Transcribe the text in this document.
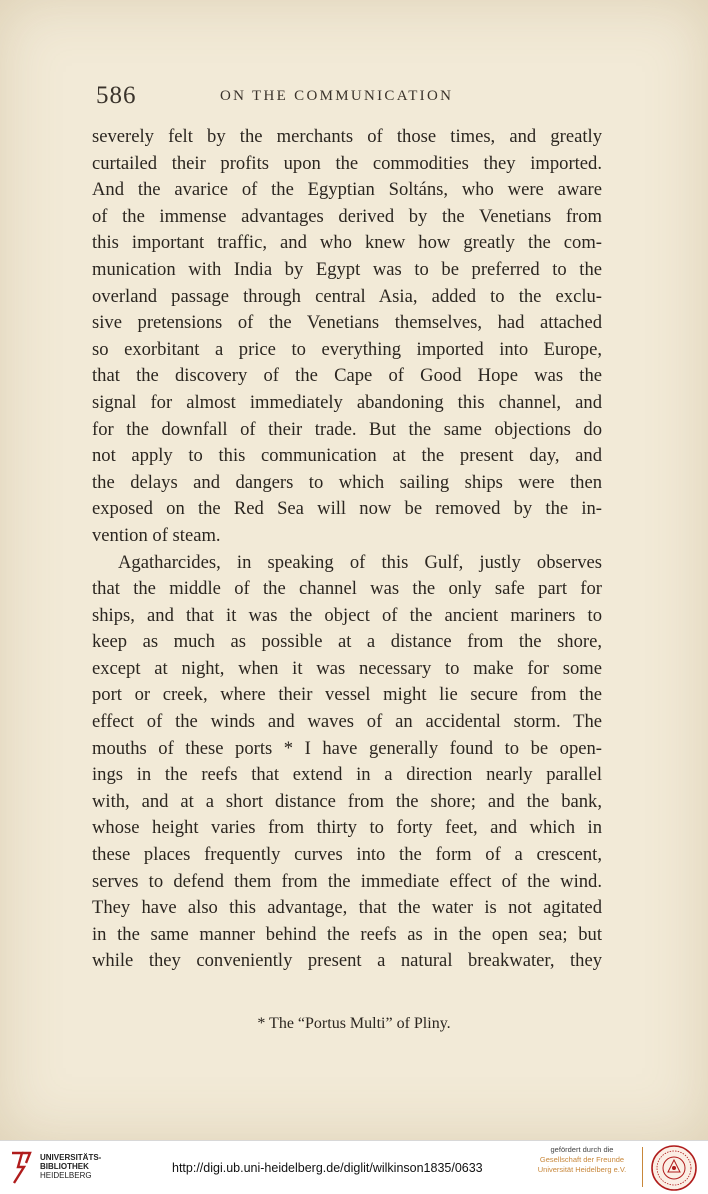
586	ON THE COMMUNICATION
severely felt by the merchants of those times, and greatly
curtailed their profits upon the commodities they imported.
And the avarice of the Egyptian Soltáns, who were aware
of the immense advantages derived by the Venetians from
this important traffic, and who knew how greatly the com-
munication with India by Egypt was to be preferred to the
overland passage through central Asia, added to the exclu-
sive pretensions of the Venetians themselves, had attached
so exorbitant a price to everything imported into Europe,
that the discovery of the Cape of Good Hope was the
signal for almost immediately abandoning this channel, and
for the downfall of their trade. But the same objections do
not apply to this communication at the present day, and
the delays and dangers to which sailing ships were then
exposed on the Red Sea will now be removed by the in-
vention of steam.
Agatharcides, in speaking of this Gulf, justly observes
that the middle of the channel was the only safe part for
ships, and that it was the object of the ancient mariners to
keep as much as possible at a distance from the shore,
except at night, when it was necessary to make for some
port or creek, where their vessel might lie secure from the
effect of the winds and waves of an accidental storm. The
mouths of these ports * I have generally found to be open-
ings in the reefs that extend in a direction nearly parallel
with, and at a short distance from the shore; and the bank,
whose height varies from thirty to forty feet, and which in
these places frequently curves into the form of a crescent,
serves to defend them from the immediate effect of the wind.
They have also this advantage, that the water is not agitated
in the same manner behind the reefs as in the open sea; but
while they conveniently present a natural breakwater, they
* The “Portus Multi” of Pliny.
UNIVERSITÄTS-
BIBLIOTHEK
HEIDELBERG
http://digi.ub.uni-heidelberg.de/diglit/wilkinson1835/0633
gefördert durch die
Gesellschaft der Freunde
Universität Heidelberg e.V.
